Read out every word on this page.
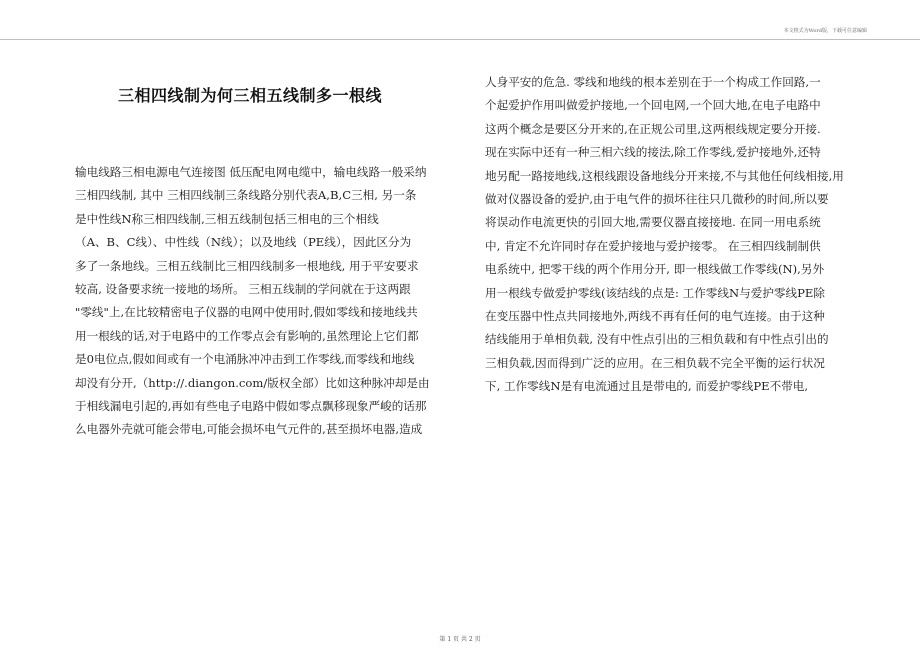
本文格式为Word版，下载可任意编辑
三相四线制为何三相五线制多一根线
输电线路三相电源电气连接图 低压配电网电缆中，输电线路一般采纳
三相四线制, 其中 三相四线制三条线路分别代表A,B,C三相, 另一条
是中性线N称三相四线制,三相五线制包括三相电的三个相线
（A、B、C线）、中性线（N线）；以及地线（PE线），因此区分为
多了一条地线。三相五线制比三相四线制多一根地线, 用于平安要求
较高, 设备要求统一接地的场所。 三相五线制的学问就在于这两跟
"零线"上,在比较精密电子仪器的电网中使用时,假如零线和接地线共
用一根线的话,对于电路中的工作零点会有影响的,虽然理论上它们都
是0电位点,假如间或有一个电涌脉冲冲击到工作零线,而零线和地线
却没有分开,（http://.diangon.com/版权全部）比如这种脉冲却是由
于相线漏电引起的,再如有些电子电路中假如零点飘移现象严峻的话那
么电器外壳就可能会带电,可能会损坏电气元件的,甚至损坏电器,造成
人身平安的危急. 零线和地线的根本差别在于一个构成工作回路,一
个起爱护作用叫做爱护接地,一个回电网,一个回大地,在电子电路中
这两个概念是要区分开来的,在正规公司里,这两根线规定要分开接.
现在实际中还有一种三相六线的接法,除工作零线,爱护接地外,还特
地另配一路接地线,这根线跟设备地线分开来接,不与其他任何线相接,用
做对仪器设备的爱护,由于电气件的损坏往往只几微秒的时间,所以要
将误动作电流更快的引回大地,需要仪器直接接地. 在同一用电系统
中, 肯定不允许同时存在爱护接地与爱护接零。 在三相四线制制供
电系统中, 把零干线的两个作用分开, 即一根线做工作零线(N),另外
用一根线专做爱护零线(该结线的点是: 工作零线N与爱护零线PE除
在变压器中性点共同接地外,两线不再有任何的电气连接。由于这种
结线能用于单相负载, 没有中性点引出的三相负载和有中性点引出的
三相负载,因而得到广泛的应用。在三相负载不完全平衡的运行状况
下, 工作零线N是有电流通过且是带电的, 而爱护零线PE不带电,
第 1 页 共 2 页
